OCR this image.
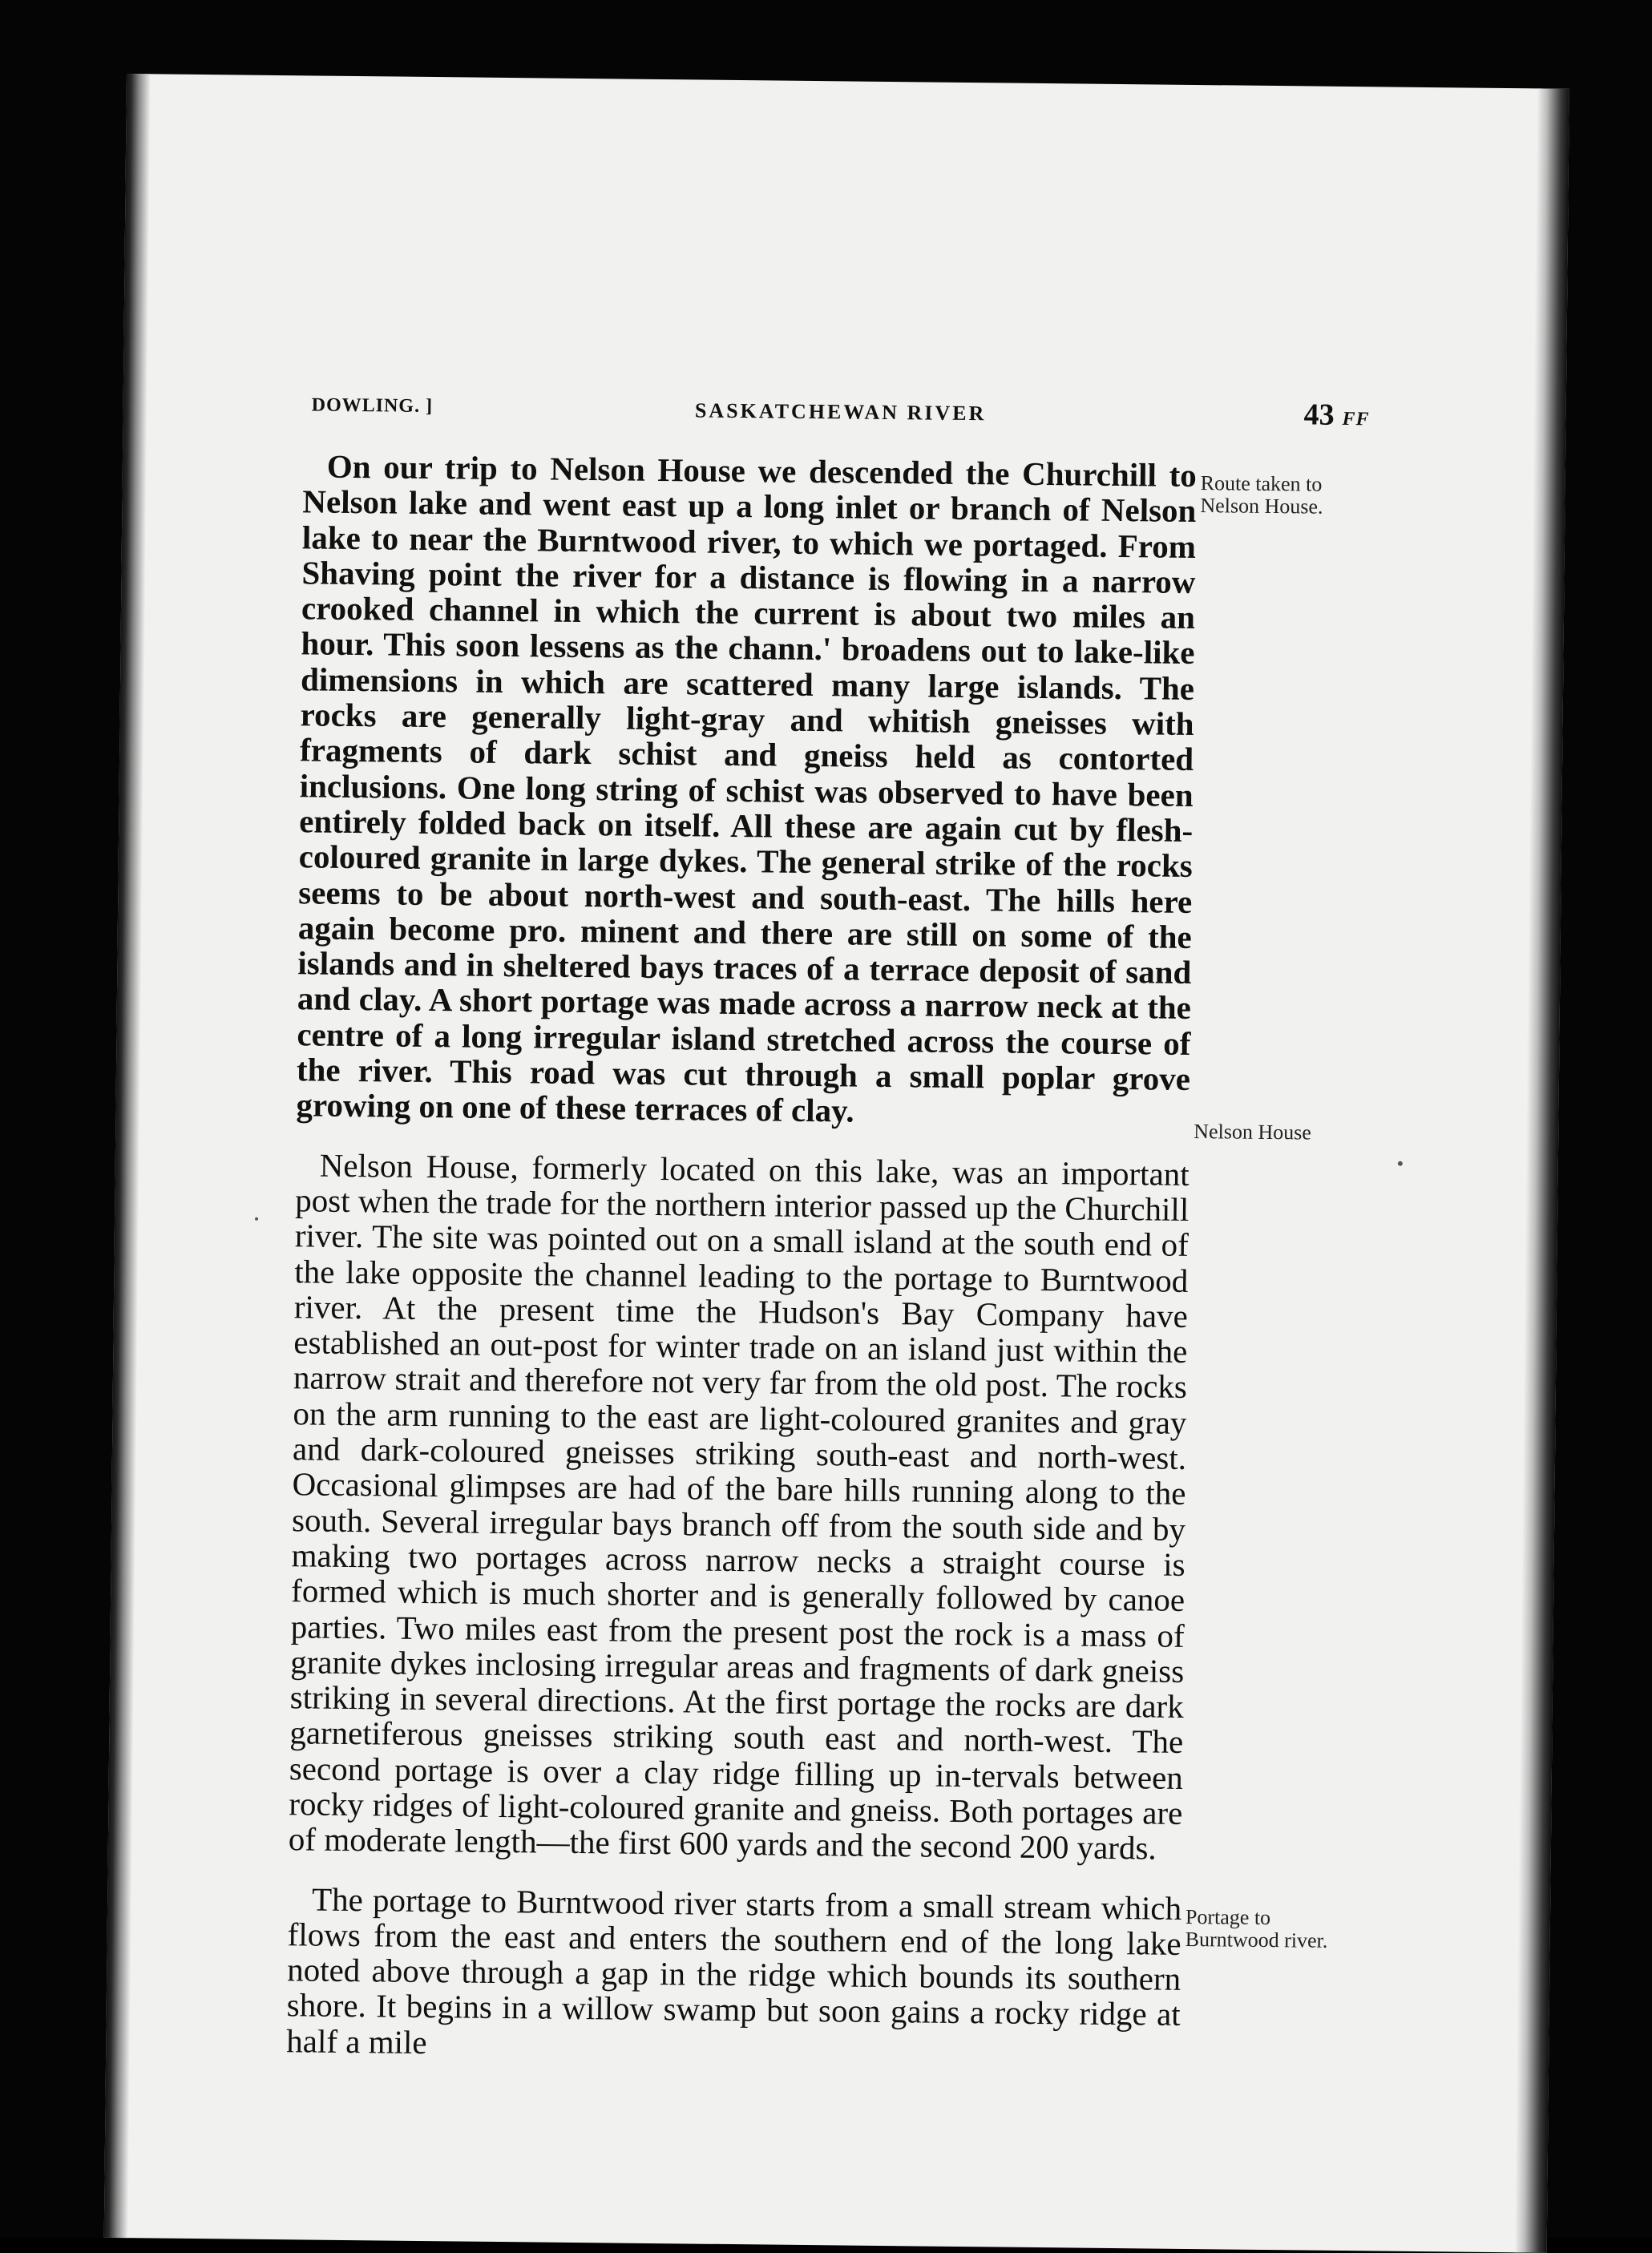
DOWLING. ]	SASKATCHEWAN RIVER	43 FF

On our trip to Nelson House we descended the Churchill to Nelson lake and went east up a long inlet or branch of Nelson lake to near the Burntwood river, to which we portaged. From Shaving point the river for a distance is flowing in a narrow crooked channel in which the current is about two miles an hour. This soon lessens as the chann.' broadens out to lake-like dimensions in which are scattered many large islands. The rocks are generally light-gray and whitish gneisses with fragments of dark schist and gneiss held as contorted inclusions. One long string of schist was observed to have been entirely folded back on itself. All these are again cut by flesh-coloured granite in large dykes. The general strike of the rocks seems to be about north-west and south-east. The hills here again become pro. minent and there are still on some of the islands and in sheltered bays traces of a terrace deposit of sand and clay. A short portage was made across a narrow neck at the centre of a long irregular island stretched across the course of the river. This road was cut through a small poplar grove growing on one of these terraces of clay.

Nelson House, formerly located on this lake, was an important post when the trade for the northern interior passed up the Churchill river. The site was pointed out on a small island at the south end of the lake opposite the channel leading to the portage to Burntwood river. At the present time the Hudson's Bay Company have established an out-post for winter trade on an island just within the narrow strait and therefore not very far from the old post. The rocks on the arm running to the east are light-coloured granites and gray and dark-coloured gneisses striking south-east and north-west. Occasional glimpses are had of the bare hills running along to the south. Several irregular bays branch off from the south side and by making two portages across narrow necks a straight course is formed which is much shorter and is generally followed by canoe parties. Two miles east from the present post the rock is a mass of granite dykes inclosing irregular areas and fragments of dark gneiss striking in several directions. At the first portage the rocks are dark garnetiferous gneisses striking south east and north-west. The second portage is over a clay ridge filling up in-tervals between rocky ridges of light-coloured granite and gneiss. Both portages are of moderate length—the first 600 yards and the second 200 yards.

The portage to Burntwood river starts from a small stream which flows from the east and enters the southern end of the long lake noted above through a gap in the ridge which bounds its southern shore. It begins in a willow swamp but soon gains a rocky ridge at half a mile

Route taken to Nelson House.
Nelson House
Portage to Burntwood river.
